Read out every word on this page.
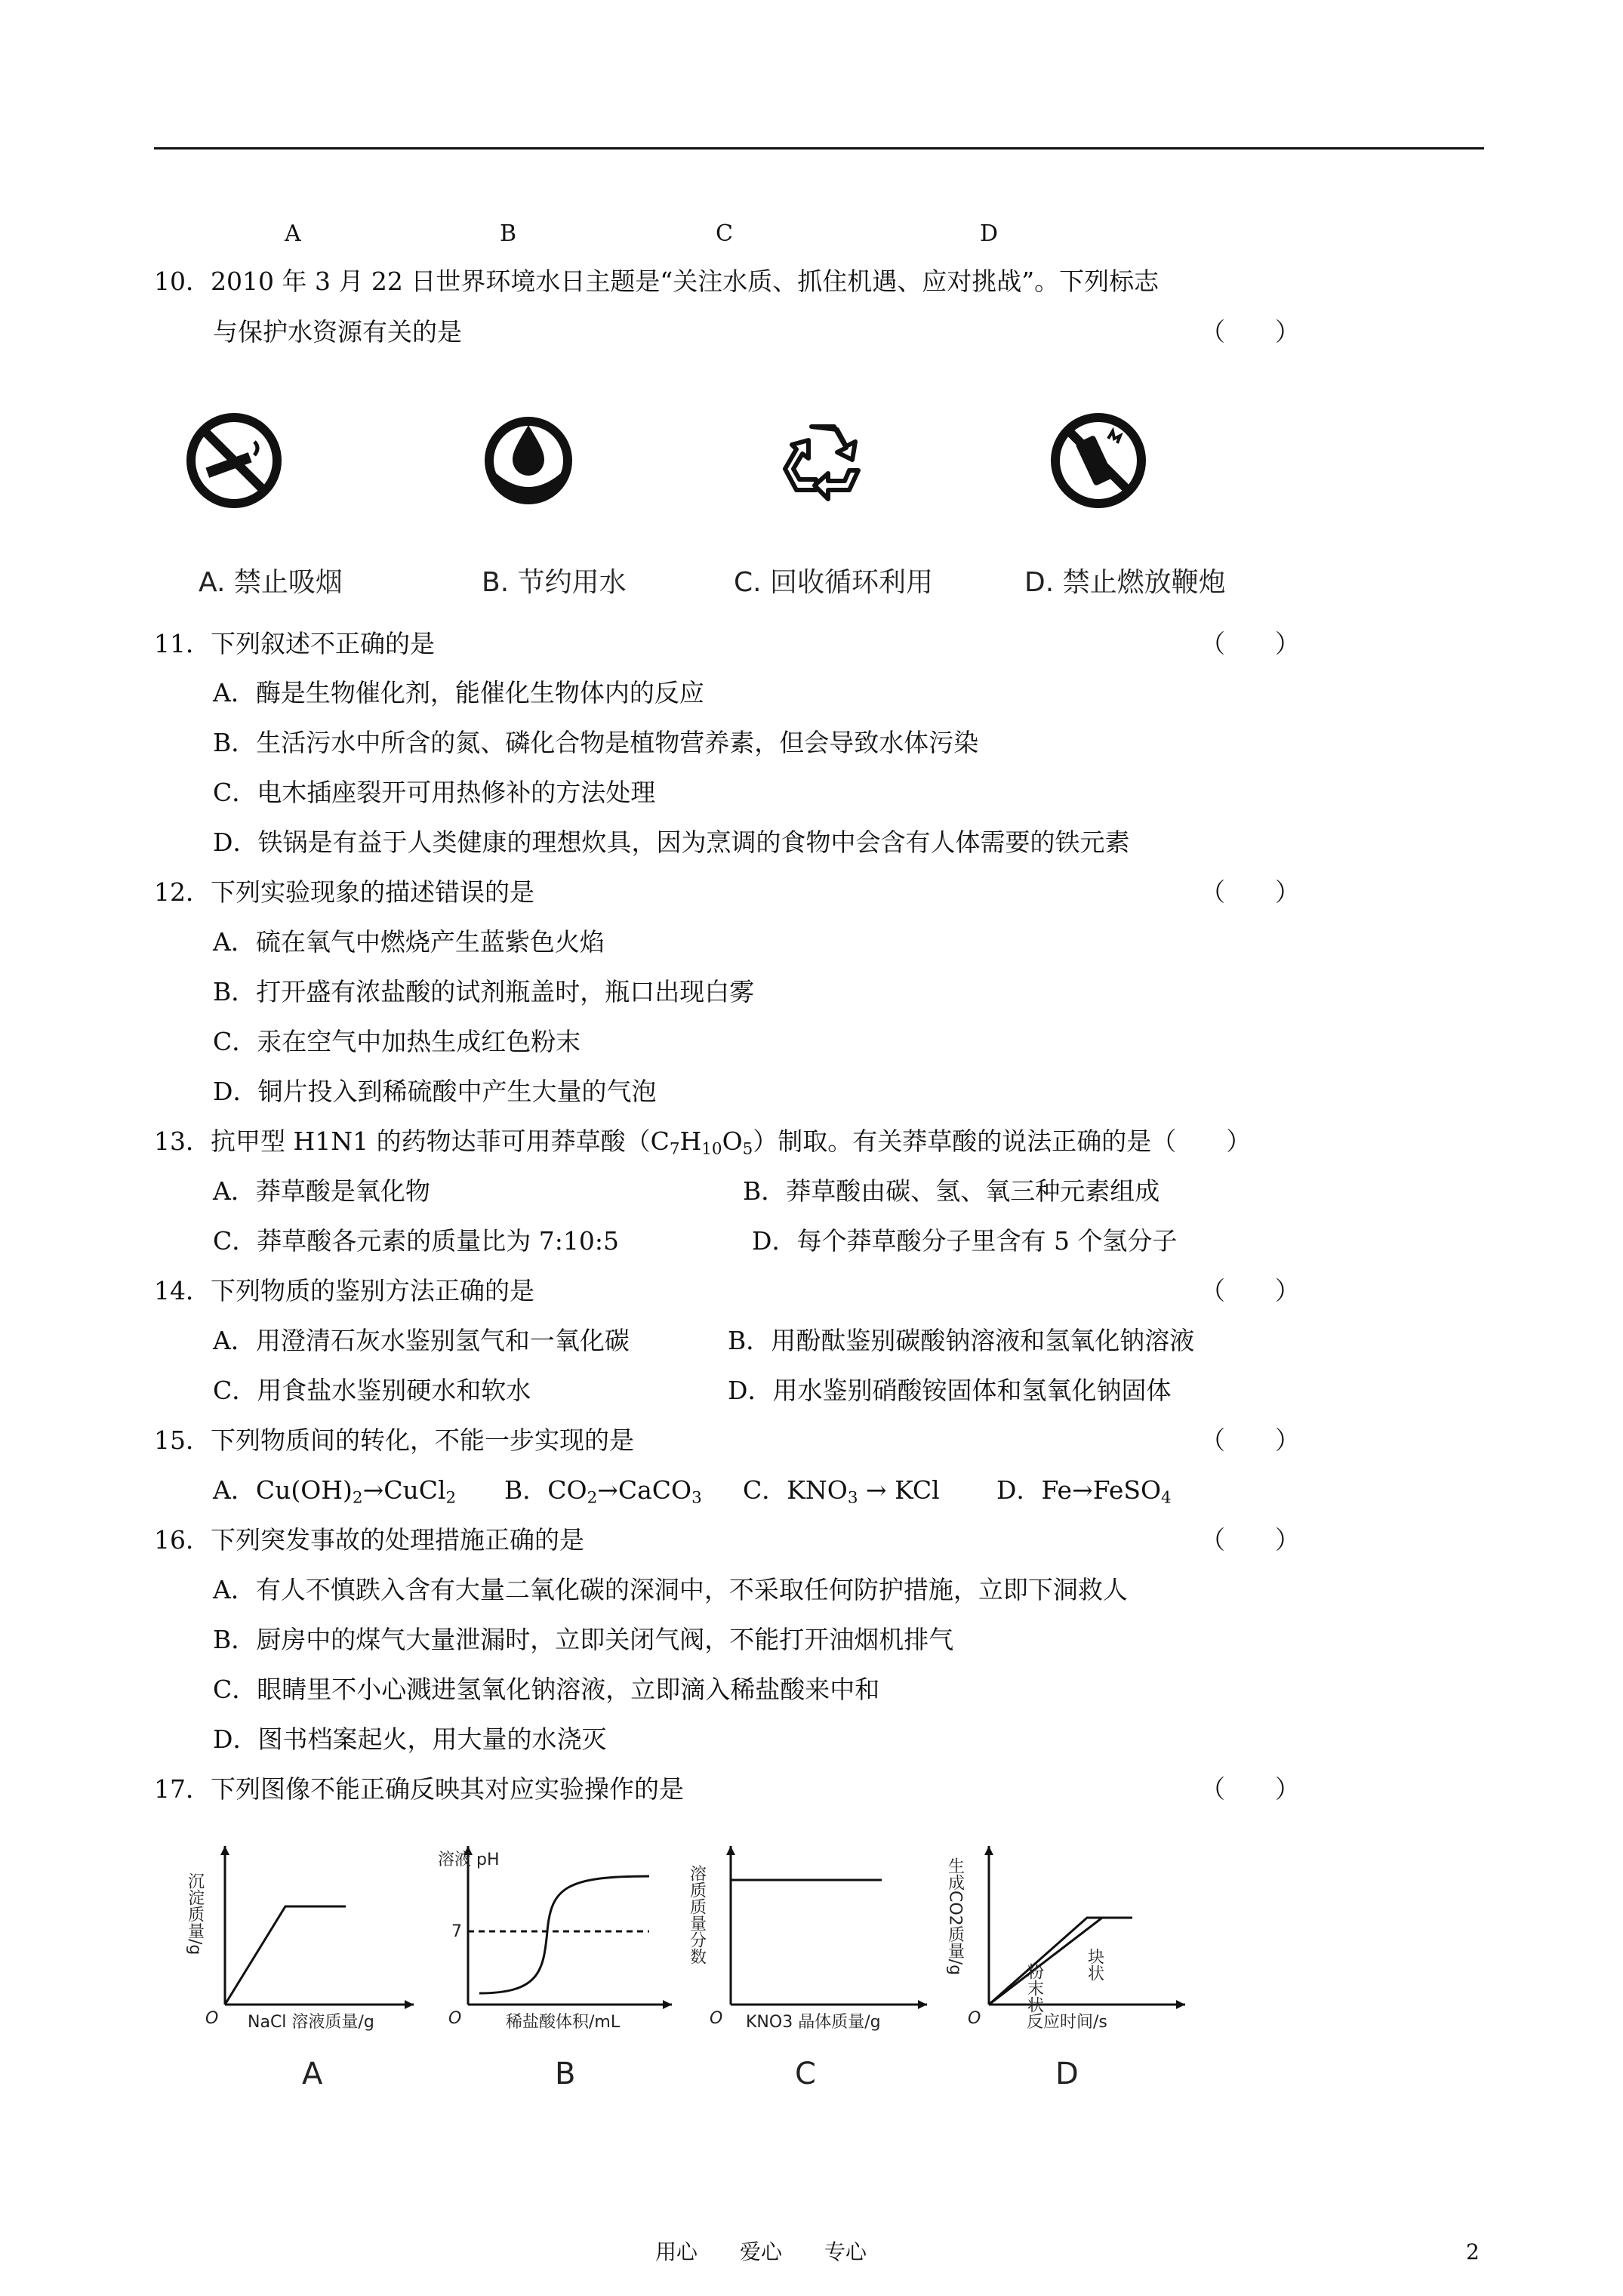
A	B	C	D
10．2010 年 3 月 22 日世界环境水日主题是“关注水质、抓住机遇、应对挑战”。下列标志
与保护水资源有关的是	（　　）
A. 禁止吸烟	B. 节约用水	C. 回收循环利用	D. 禁止燃放鞭炮
11．下列叙述不正确的是	（　　）
A．酶是生物催化剂，能催化生物体内的反应
B．生活污水中所含的氮、磷化合物是植物营养素，但会导致水体污染
C．电木插座裂开可用热修补的方法处理
D．铁锅是有益于人类健康的理想炊具，因为烹调的食物中会含有人体需要的铁元素
12．下列实验现象的描述错误的是	（　　）
A．硫在氧气中燃烧产生蓝紫色火焰
B．打开盛有浓盐酸的试剂瓶盖时，瓶口出现白雾
C．汞在空气中加热生成红色粉末
D．铜片投入到稀硫酸中产生大量的气泡
13．抗甲型 H1N1 的药物达菲可用莽草酸$(C_7H_{10}O_5)$制取。有关莽草酸的说法正确的是（　　）
A．莽草酸是氧化物	B．莽草酸由碳、氢、氧三种元素组成
C．莽草酸各元素的质量比为 7:10:5	D．每个莽草酸分子里含有 5 个氢分子
14．下列物质的鉴别方法正确的是	（　　）
A．用澄清石灰水鉴别氢气和一氧化碳	B．用酚酞鉴别碳酸钠溶液和氢氧化钠溶液
C．用食盐水鉴别硬水和软水	D．用水鉴别硝酸铵固体和氢氧化钠固体
15．下列物质间的转化，不能一步实现的是	（　　）
A．$Cu(OH)_2\to CuCl_2$ B．$CO_2\to CaCO_3$ C．$KNO_3$ → KCl D．Fe→FeSO$_4$
16．下列突发事故的处理措施正确的是	（　　）
A．有人不慎跌入含有大量二氧化碳的深洞中，不采取任何防护措施，立即下洞救人
B．厨房中的煤气大量泄漏时，立即关闭气阀，不能打开油烟机排气
C．眼睛里不小心溅进氢氧化钠溶液，立即滴入稀盐酸来中和
D．图书档案起火，用大量的水浇灭
17．下列图像不能正确反映其对应实验操作的是	（　　）
沉淀质量/g
NaCl 溶液质量/g
O
A
溶液 pH
7
稀盐酸体积/mL
O
B
溶质质量分数
KNO3 晶体质量/g
O
C
生成CO2质量/g
粉末状	块状
反应时间/s
O
D
用心　　爱心　　专心	2
